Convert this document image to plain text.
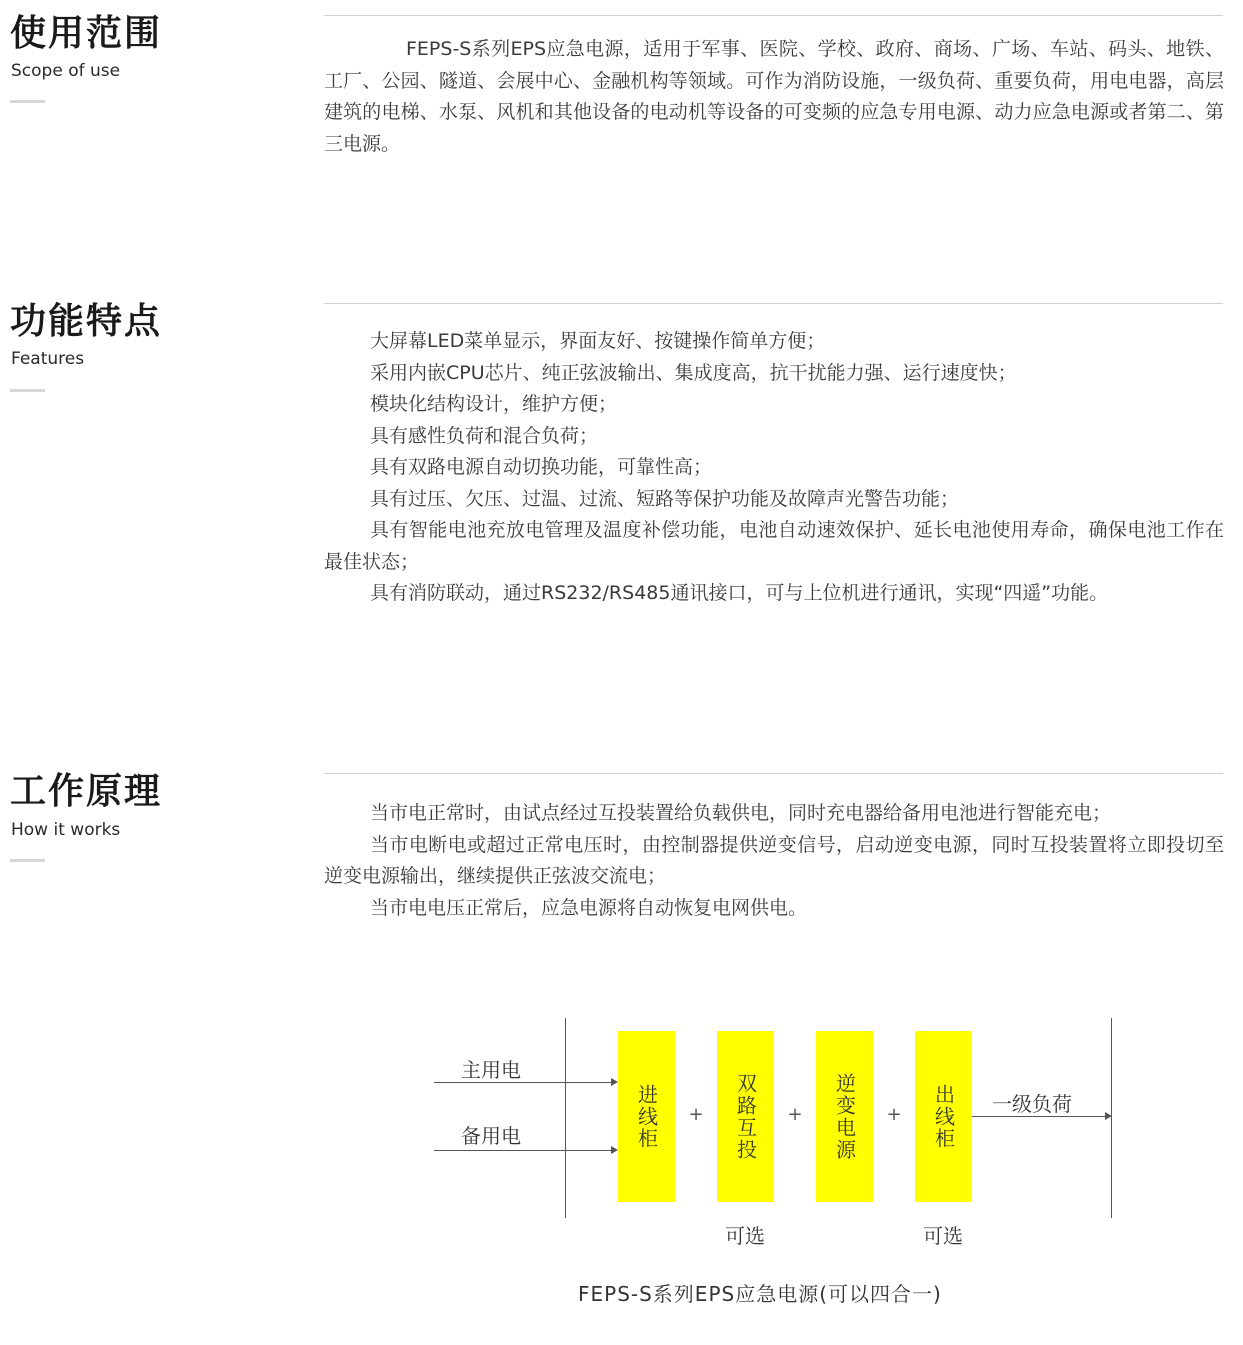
使用范围
Scope of use

FEPS-S系列EPS应急电源，适用于军事、医院、学校、政府、商场、广场、车站、码头、地铁、工厂、公园、隧道、会展中心、金融机构等领域。可作为消防设施，一级负荷、重要负荷，用电电器，高层建筑的电梯、水泵、风机和其他设备的电动机等设备的可变频的应急专用电源、动力应急电源或者第二、第三电源。

功能特点
Features

大屏幕LED菜单显示，界面友好、按键操作简单方便；

采用内嵌CPU芯片、纯正弦波输出、集成度高，抗干扰能力强、运行速度快；

模块化结构设计，维护方便；

具有感性负荷和混合负荷；

具有双路电源自动切换功能，可靠性高；

具有过压、欠压、过温、过流、短路等保护功能及故障声光警告功能；

具有智能电池充放电管理及温度补偿功能，电池自动速效保护、延长电池使用寿命，确保电池工作在最佳状态；

具有消防联动，通过RS232/RS485通讯接口，可与上位机进行通讯，实现“四遥”功能。

工作原理
How it works

当市电正常时，由试点经过互投装置给负载供电，同时充电器给备用电池进行智能充电；

当市电断电或超过正常电压时，由控制器提供逆变信号，启动逆变电源，同时互投装置将立即投切至逆变电源输出，继续提供正弦波交流电；

当市电电压正常后，应急电源将自动恢复电网供电。

主用电
备用电	进线柜 + 双路互投 + 逆变电源 + 出线柜 一级负荷
可选	可选
FEPS-S系列EPS应急电源(可以四合一)
